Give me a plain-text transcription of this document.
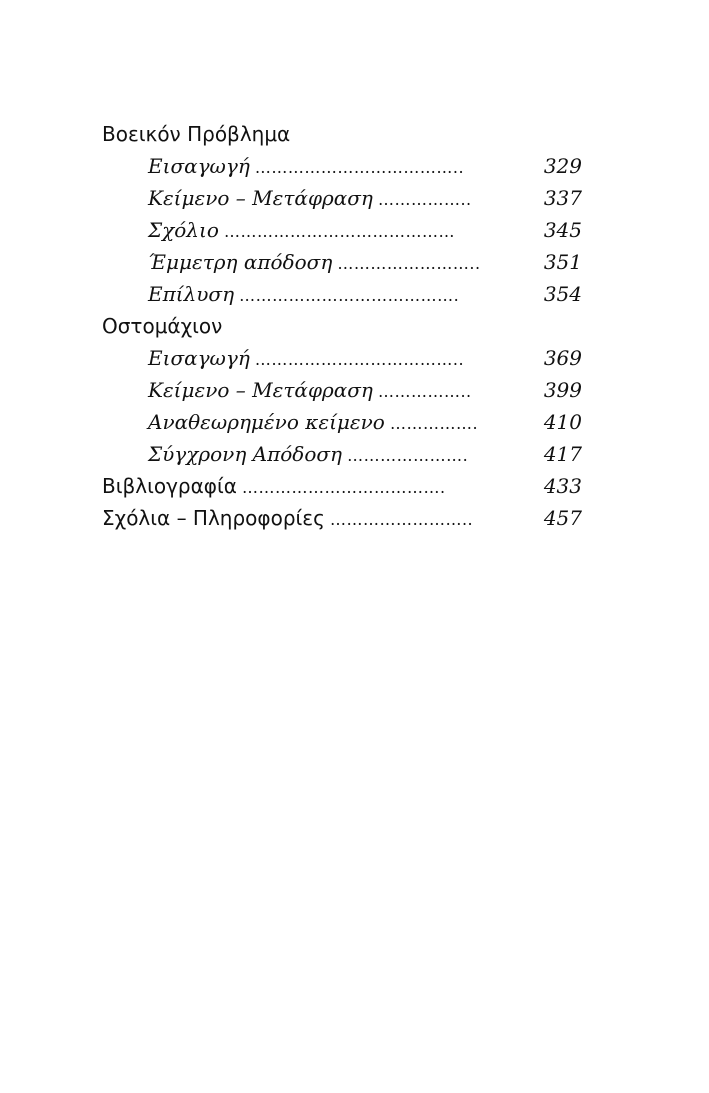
Βοεικόν Πρόβλημα
Εισαγωγή ………………………………..	329
Κείμενο – Μετάφραση ……………..	337
Σχόλιο ……………………………………	345
Έμμετρη απόδοση ……………………..	351
Επίλυση ………………………………….	354
Οστομάχιον
Εισαγωγή ………………………………..	369
Κείμενο – Μετάφραση ……………..	399
Αναθεωρημένο κείμενο …………….	410
Σύγχρονη Απόδοση ………………….	417
Βιβλιογραφία ……………………………….	433
Σχόλια – Πληροφορίες ……………………..	457
